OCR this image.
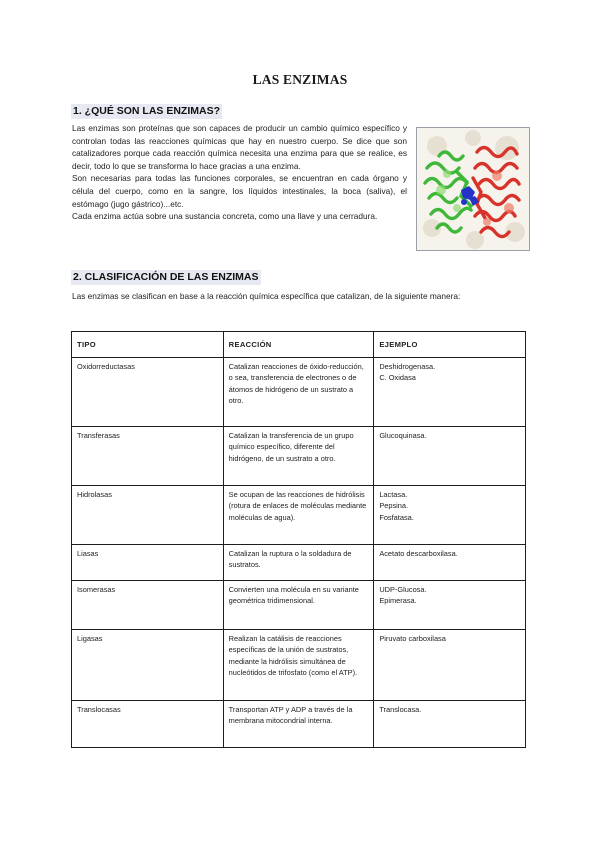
LAS ENZIMAS
1. ¿QUÉ SON LAS ENZIMAS?
Las enzimas son proteínas que son capaces de producir un cambio químico específico y controlan todas las reacciones químicas que hay en nuestro cuerpo. Se dice que son catalizadores porque cada reacción química necesita una enzima para que se realice, es decir, todo lo que se transforma lo hace gracias a una enzima.
Son necesarias para todas las funciones corporales, se encuentran en cada órgano y célula del cuerpo, como en la sangre, los líquidos intestinales, la boca (saliva), el estómago (jugo gástrico)...etc.
Cada enzima actúa sobre una sustancia concreta, como una llave y una cerradura.
2. CLASIFICACIÓN DE LAS ENZIMAS

Las enzimas se clasifican en base a la reacción química específica que catalizan, de la siguiente manera:

TIPO	REACCIÓN	EJEMPLO
Oxidorreductasas	Catalizan reacciones de óxido-reducción, o sea, transferencia de electrones o de átomos de hidrógeno de un sustrato a otro.	Deshidrogenasa.
C. Oxidasa

Transferasas	Catalizan la transferencia de un grupo químico específico, diferente del hidrógeno, de un sustrato a otro.	Glucoquinasa.

Hidrolasas	Se ocupan de las reacciones de hidrólisis (rotura de enlaces de moléculas mediante moléculas de agua).	Lactasa.
Pepsina.
Fosfatasa.

Liasas	Catalizan la ruptura o la soldadura de sustratos.	Acetato descarboxilasa.

Isomerasas	Convierten una molécula en su variante geométrica tridimensional.	UDP-Glucosa.
Epimerasa.

Ligasas	Realizan la catálisis de reacciones específicas de la unión de sustratos, mediante la hidrólisis simultánea de nucleótidos de trifosfato (como el ATP).	Piruvato carboxilasa

Translocasas	Transportan ATP y ADP a través de la membrana mitocondrial interna.	Translocasa.
